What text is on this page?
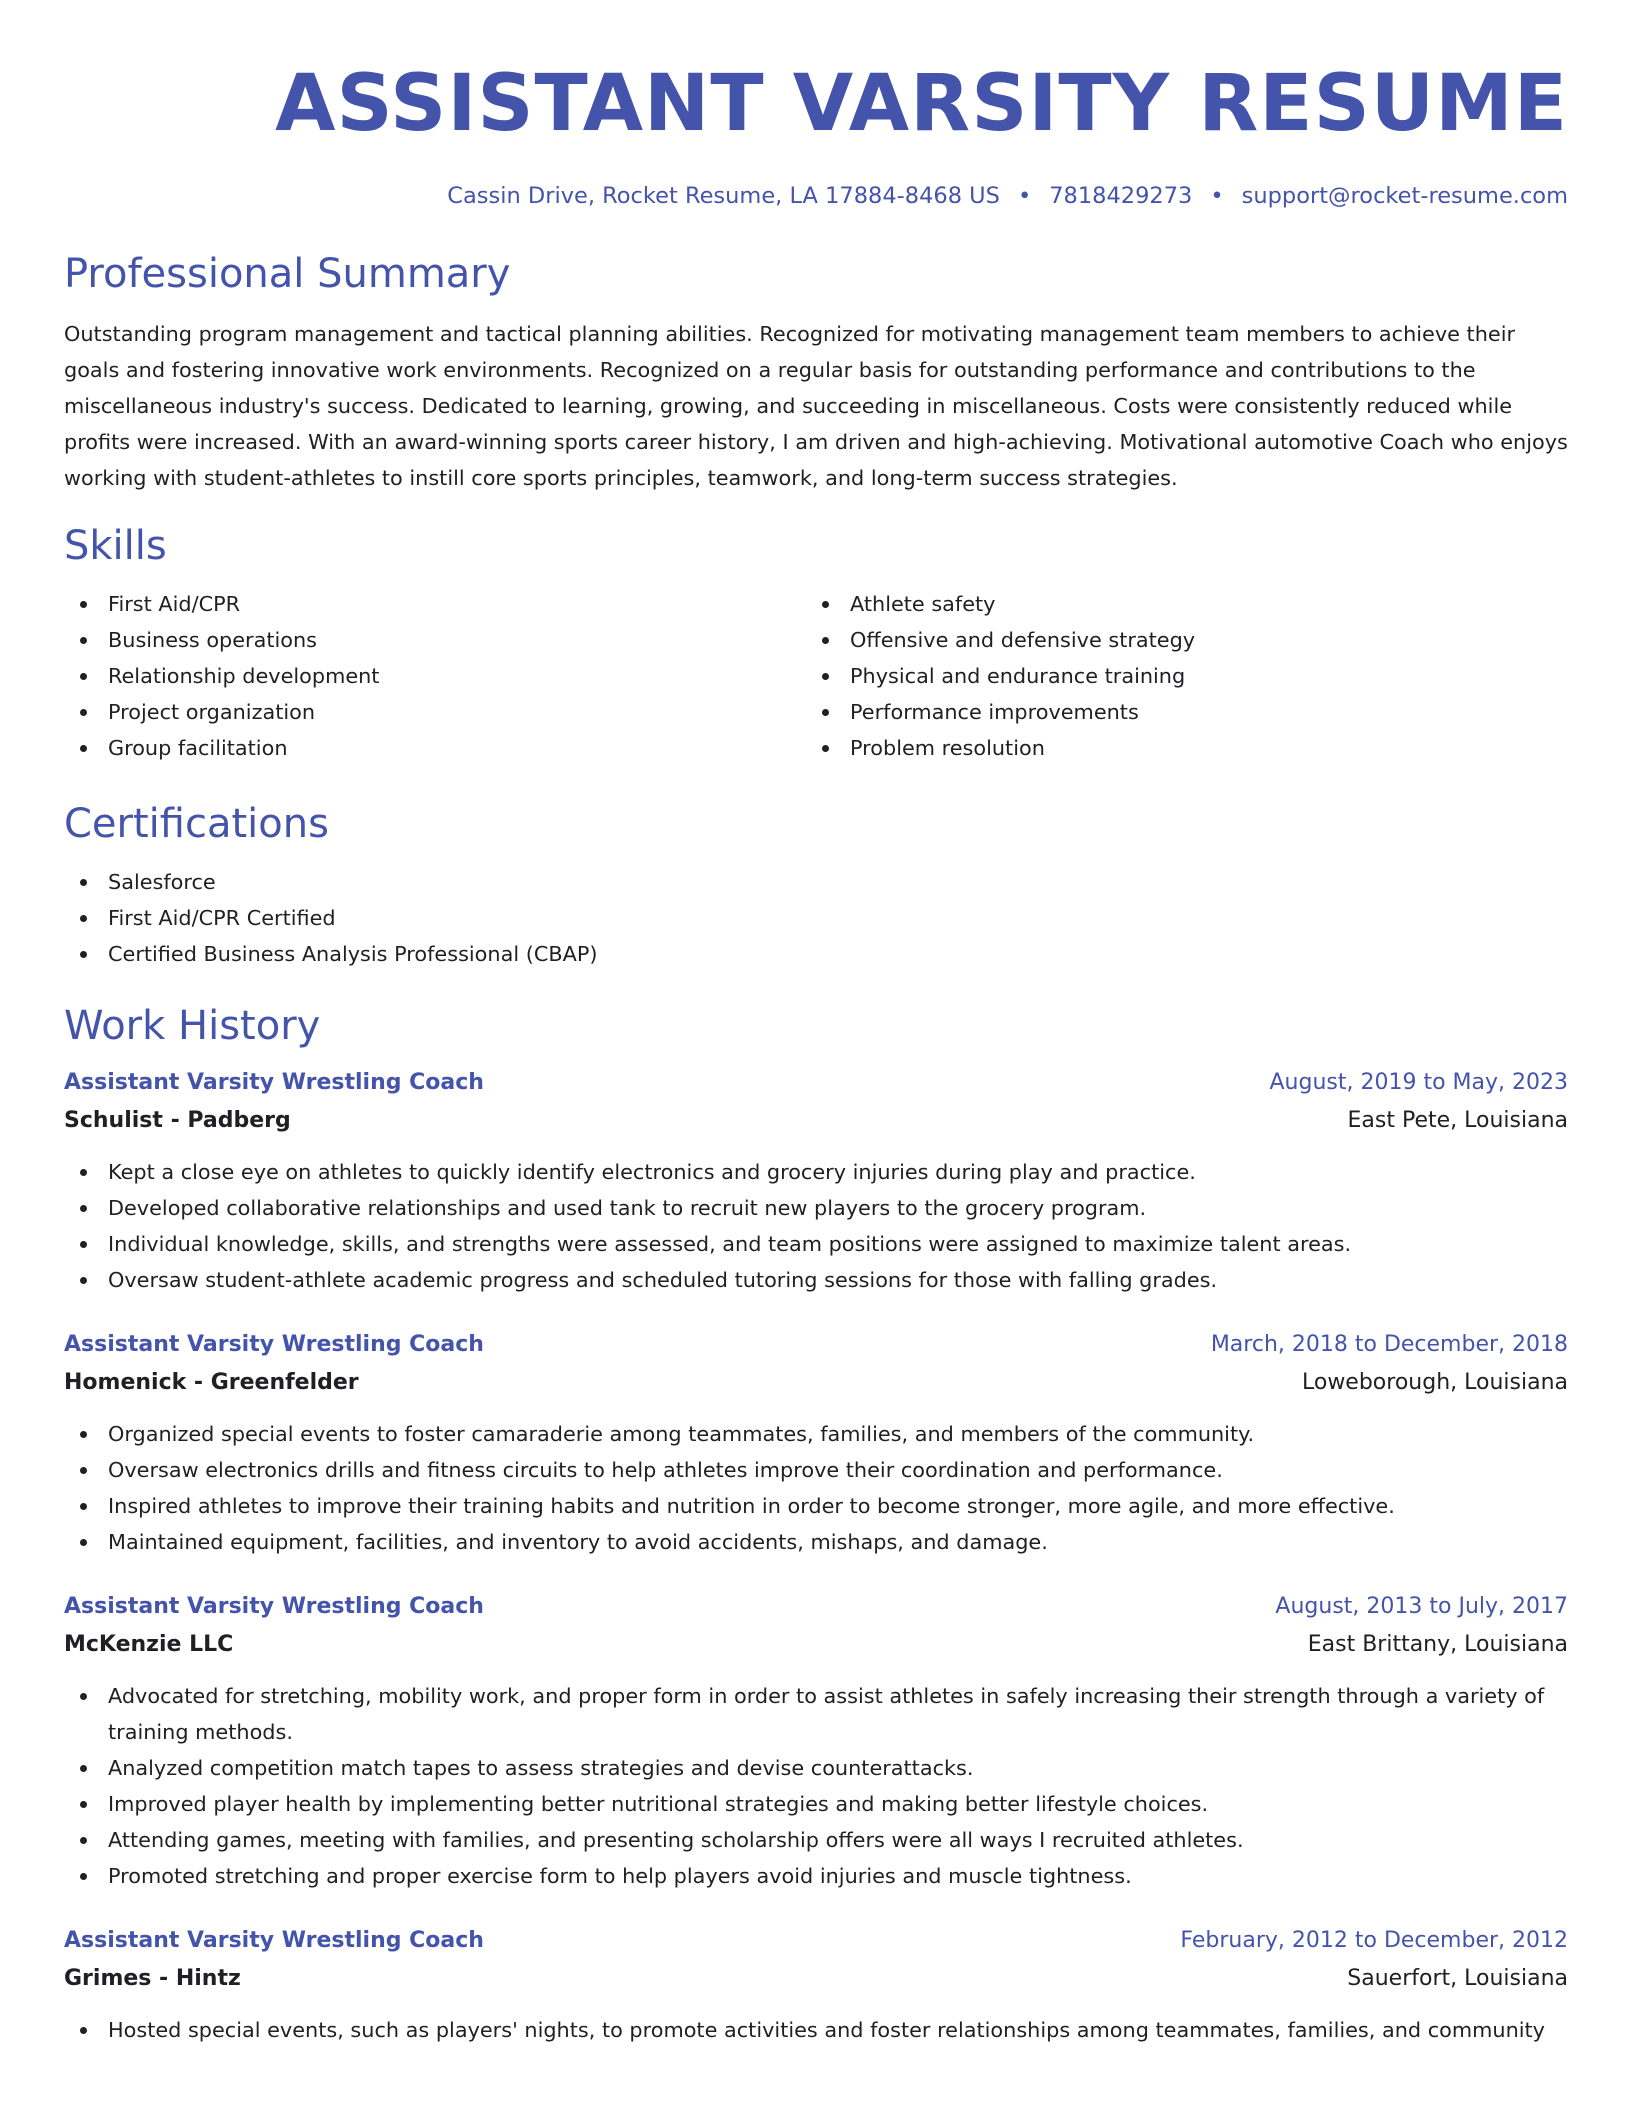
ASSISTANT VARSITY RESUME
Cassin Drive, Rocket Resume, LA 17884-8468 US • 7818429273 • support@rocket-resume.com
Professional Summary

Outstanding program management and tactical planning abilities. Recognized for motivating management team members to achieve their goals and fostering innovative work environments. Recognized on a regular basis for outstanding performance and contributions to the miscellaneous industry's success. Dedicated to learning, growing, and succeeding in miscellaneous. Costs were consistently reduced while profits were increased. With an award-winning sports career history, I am driven and high-achieving. Motivational automotive Coach who enjoys working with student-athletes to instill core sports principles, teamwork, and long-term success strategies.

Skills
First Aid/CPR
Business operations
Relationship development
Project organization
Group facilitation
Athlete safety
Offensive and defensive strategy
Physical and endurance training
Performance improvements
Problem resolution
Certifications
Salesforce
First Aid/CPR Certified
Certified Business Analysis Professional (CBAP)
Work History
Assistant Varsity Wrestling Coach	August, 2019 to May, 2023
Schulist - Padberg	East Pete, Louisiana
Kept a close eye on athletes to quickly identify electronics and grocery injuries during play and practice.
Developed collaborative relationships and used tank to recruit new players to the grocery program.
Individual knowledge, skills, and strengths were assessed, and team positions were assigned to maximize talent areas.
Oversaw student-athlete academic progress and scheduled tutoring sessions for those with falling grades.
Assistant Varsity Wrestling Coach	March, 2018 to December, 2018
Homenick - Greenfelder	Loweborough, Louisiana
Organized special events to foster camaraderie among teammates, families, and members of the community.
Oversaw electronics drills and fitness circuits to help athletes improve their coordination and performance.
Inspired athletes to improve their training habits and nutrition in order to become stronger, more agile, and more effective.
Maintained equipment, facilities, and inventory to avoid accidents, mishaps, and damage.
Assistant Varsity Wrestling Coach	August, 2013 to July, 2017
McKenzie LLC	East Brittany, Louisiana
Advocated for stretching, mobility work, and proper form in order to assist athletes in safely increasing their strength through a variety of training methods.
Analyzed competition match tapes to assess strategies and devise counterattacks.
Improved player health by implementing better nutritional strategies and making better lifestyle choices.
Attending games, meeting with families, and presenting scholarship offers were all ways I recruited athletes.
Promoted stretching and proper exercise form to help players avoid injuries and muscle tightness.
Assistant Varsity Wrestling Coach	February, 2012 to December, 2012
Grimes - Hintz	Sauerfort, Louisiana
Hosted special events, such as players' nights, to promote activities and foster relationships among teammates, families, and community
